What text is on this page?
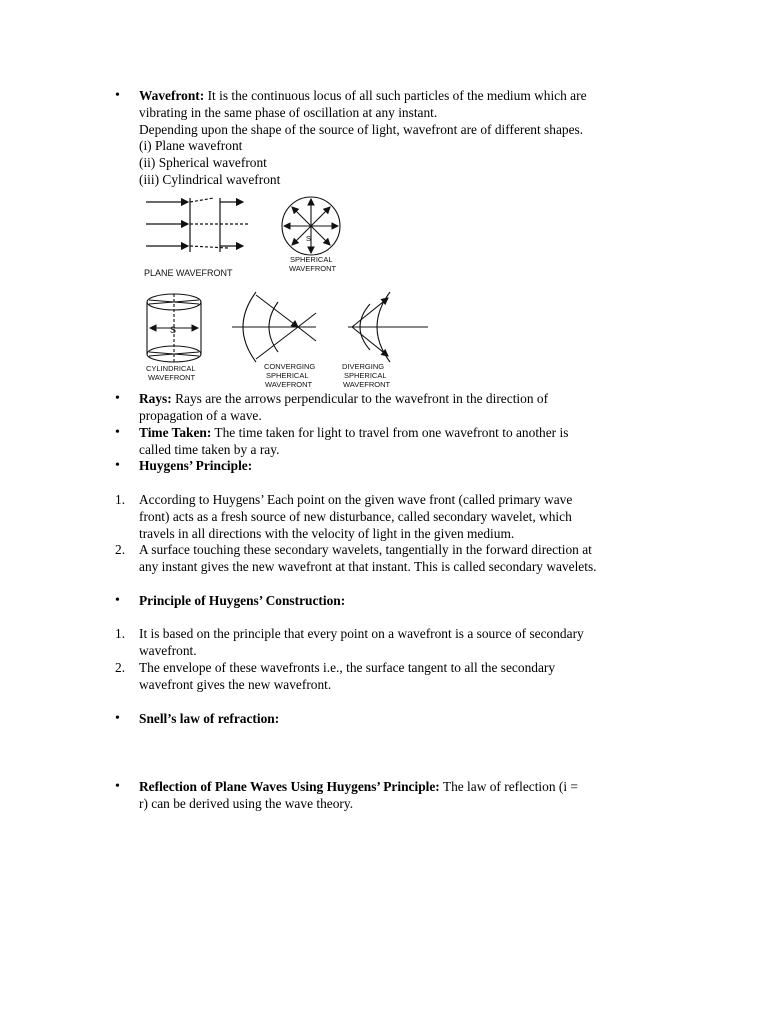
• Wavefront: It is the continuous locus of all such particles of the medium which are
vibrating in the same phase of oscillation at any instant.
Depending upon the shape of the source of light, wavefront are of different shapes.
(i) Plane wavefront
(ii) Spherical wavefront
(iii) Cylindrical wavefront
PLANE WAVEFRONT
S
SPHERICAL
WAVEFRONT
S
CYLINDRICAL
WAVEFRONT
CONVERGING
SPHERICAL
WAVEFRONT
DIVERGING
SPHERICAL
WAVEFRONT
• Rays: Rays are the arrows perpendicular to the wavefront in the direction of
propagation of a wave.
• Time Taken: The time taken for light to travel from one wavefront to another is
called time taken by a ray.
• Huygens’ Principle:
1. According to Huygens’ Each point on the given wave front (called primary wave
front) acts as a fresh source of new disturbance, called secondary wavelet, which
travels in all directions with the velocity of light in the given medium.
2. A surface touching these secondary wavelets, tangentially in the forward direction at
any instant gives the new wavefront at that instant. This is called secondary wavelets.
• Principle of Huygens’ Construction:
1. It is based on the principle that every point on a wavefront is a source of secondary
wavefront.
2. The envelope of these wavefronts i.e., the surface tangent to all the secondary
wavefront gives the new wavefront.
• Snell’s law of refraction:
• Reflection of Plane Waves Using Huygens’ Principle: The law of reflection (i =
r) can be derived using the wave theory.
